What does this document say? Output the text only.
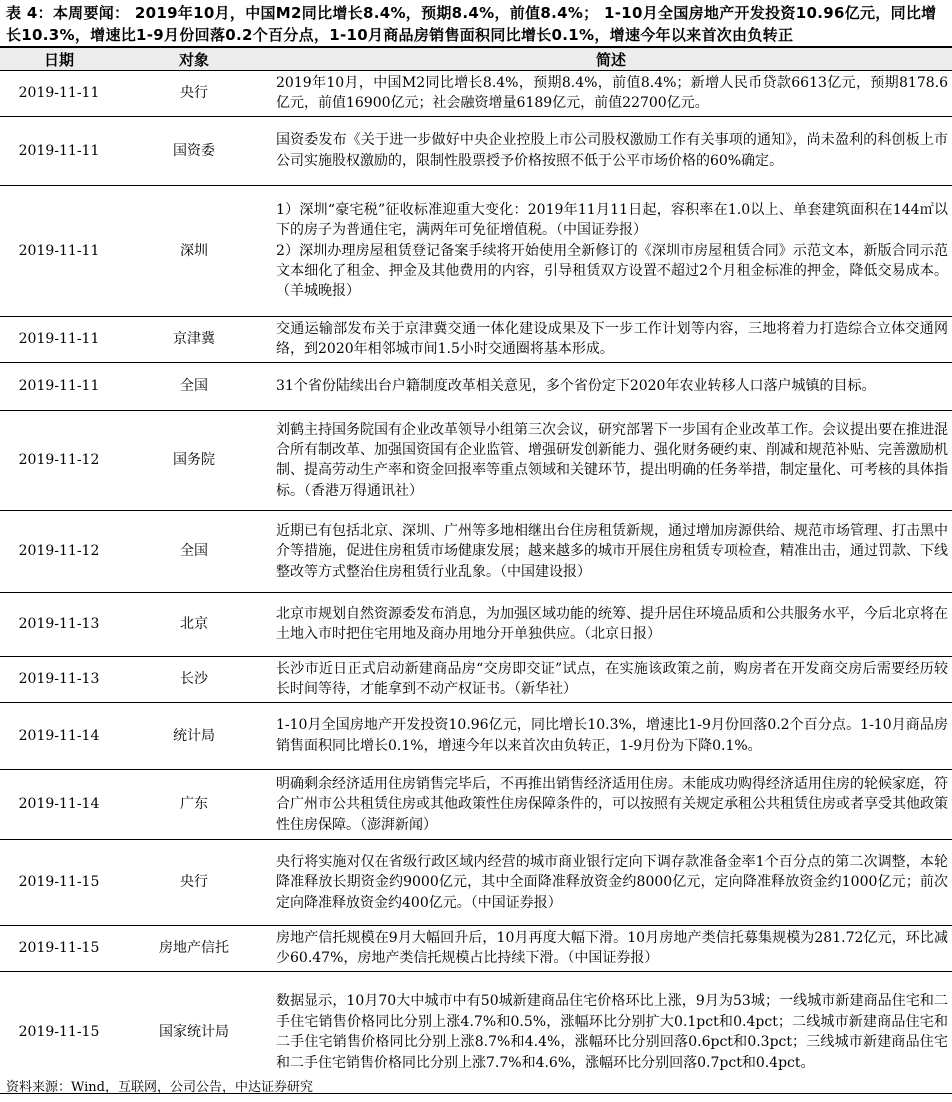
表 4：本周要闻： 2019年10月，中国M2同比增长8.4%，预期8.4%，前值8.4%； 1-10月全国房地产开发投资10.96亿元，同比增长10.3%，增速比1-9月份回落0.2个百分点，1-10月商品房销售面积同比增长0.1%，增速今年以来首次由负转正
日期	对象	简述
2019-11-11	央行	2019年10月，中国M2同比增长8.4%，预期8.4%，前值8.4%；新增人民币贷款6613亿元，预期8178.6亿元，前值16900亿元；社会融资增量6189亿元，前值22700亿元。
2019-11-11	国资委	国资委发布《关于进一步做好中央企业控股上市公司股权激励工作有关事项的通知》，尚未盈利的科创板上市公司实施股权激励的，限制性股票授予价格按照不低于公平市场价格的60%确定。
2019-11-11	深圳	1）深圳“豪宅税”征收标准迎重大变化：2019年11月11日起，容积率在1.0以上、单套建筑面积在144㎡以下的房子为普通住宅，满两年可免征增值税。（中国证券报）
2）深圳办理房屋租赁登记备案手续将开始使用全新修订的《深圳市房屋租赁合同》示范文本，新版合同示范文本细化了租金、押金及其他费用的内容，引导租赁双方设置不超过2个月租金标准的押金，降低交易成本。（羊城晚报）
2019-11-11	京津冀	交通运输部发布关于京津冀交通一体化建设成果及下一步工作计划等内容，三地将着力打造综合立体交通网络，到2020年相邻城市间1.5小时交通圈将基本形成。
2019-11-11	全国	31个省份陆续出台户籍制度改革相关意见，多个省份定下2020年农业转移人口落户城镇的目标。
2019-11-12	国务院	刘鹤主持国务院国有企业改革领导小组第三次会议，研究部署下一步国有企业改革工作。会议提出要在推进混合所有制改革、加强国资国有企业监管、增强研发创新能力、强化财务硬约束、削减和规范补贴、完善激励机制、提高劳动生产率和资金回报率等重点领域和关键环节，提出明确的任务举措，制定量化、可考核的具体指标。（香港万得通讯社）
2019-11-12	全国	近期已有包括北京、深圳、广州等多地相继出台住房租赁新规，通过增加房源供给、规范市场管理、打击黑中介等措施，促进住房租赁市场健康发展；越来越多的城市开展住房租赁专项检查，精准出击，通过罚款、下线整改等方式整治住房租赁行业乱象。（中国建设报）
2019-11-13	北京	北京市规划自然资源委发布消息，为加强区域功能的统筹、提升居住环境品质和公共服务水平，今后北京将在土地入市时把住宅用地及商办用地分开单独供应。（北京日报）
2019-11-13	长沙	长沙市近日正式启动新建商品房“交房即交证”试点，在实施该政策之前，购房者在开发商交房后需要经历较长时间等待，才能拿到不动产权证书。（新华社）
2019-11-14	统计局	1-10月全国房地产开发投资10.96亿元，同比增长10.3%，增速比1-9月份回落0.2个百分点。1-10月商品房销售面积同比增长0.1%，增速今年以来首次由负转正，1-9月份为下降0.1%。
2019-11-14	广东	明确剩余经济适用住房销售完毕后，不再推出销售经济适用住房。未能成功购得经济适用住房的轮候家庭，符合广州市公共租赁住房或其他政策性住房保障条件的，可以按照有关规定承租公共租赁住房或者享受其他政策性住房保障。（澎湃新闻）
2019-11-15	央行	央行将实施对仅在省级行政区域内经营的城市商业银行定向下调存款准备金率1个百分点的第二次调整，本轮降准释放长期资金约9000亿元，其中全面降准释放资金约8000亿元，定向降准释放资金约1000亿元；前次定向降准释放资金约400亿元。（中国证券报）
2019-11-15	房地产信托	房地产信托规模在9月大幅回升后，10月再度大幅下滑。10月房地产类信托募集规模为281.72亿元，环比减少60.47%，房地产类信托规模占比持续下滑。（中国证券报）
2019-11-15	国家统计局	数据显示，10月70大中城市中有50城新建商品住宅价格环比上涨，9月为53城；一线城市新建商品住宅和二手住宅销售价格同比分别上涨4.7%和0.5%，涨幅环比分别扩大0.1pct和0.4pct；二线城市新建商品住宅和二手住宅销售价格同比分别上涨8.7%和4.4%，涨幅环比分别回落0.6pct和0.3pct；三线城市新建商品住宅和二手住宅销售价格同比分别上涨7.7%和4.6%，涨幅环比分别回落0.7pct和0.4pct。
资料来源：Wind，互联网，公司公告，中达证券研究
